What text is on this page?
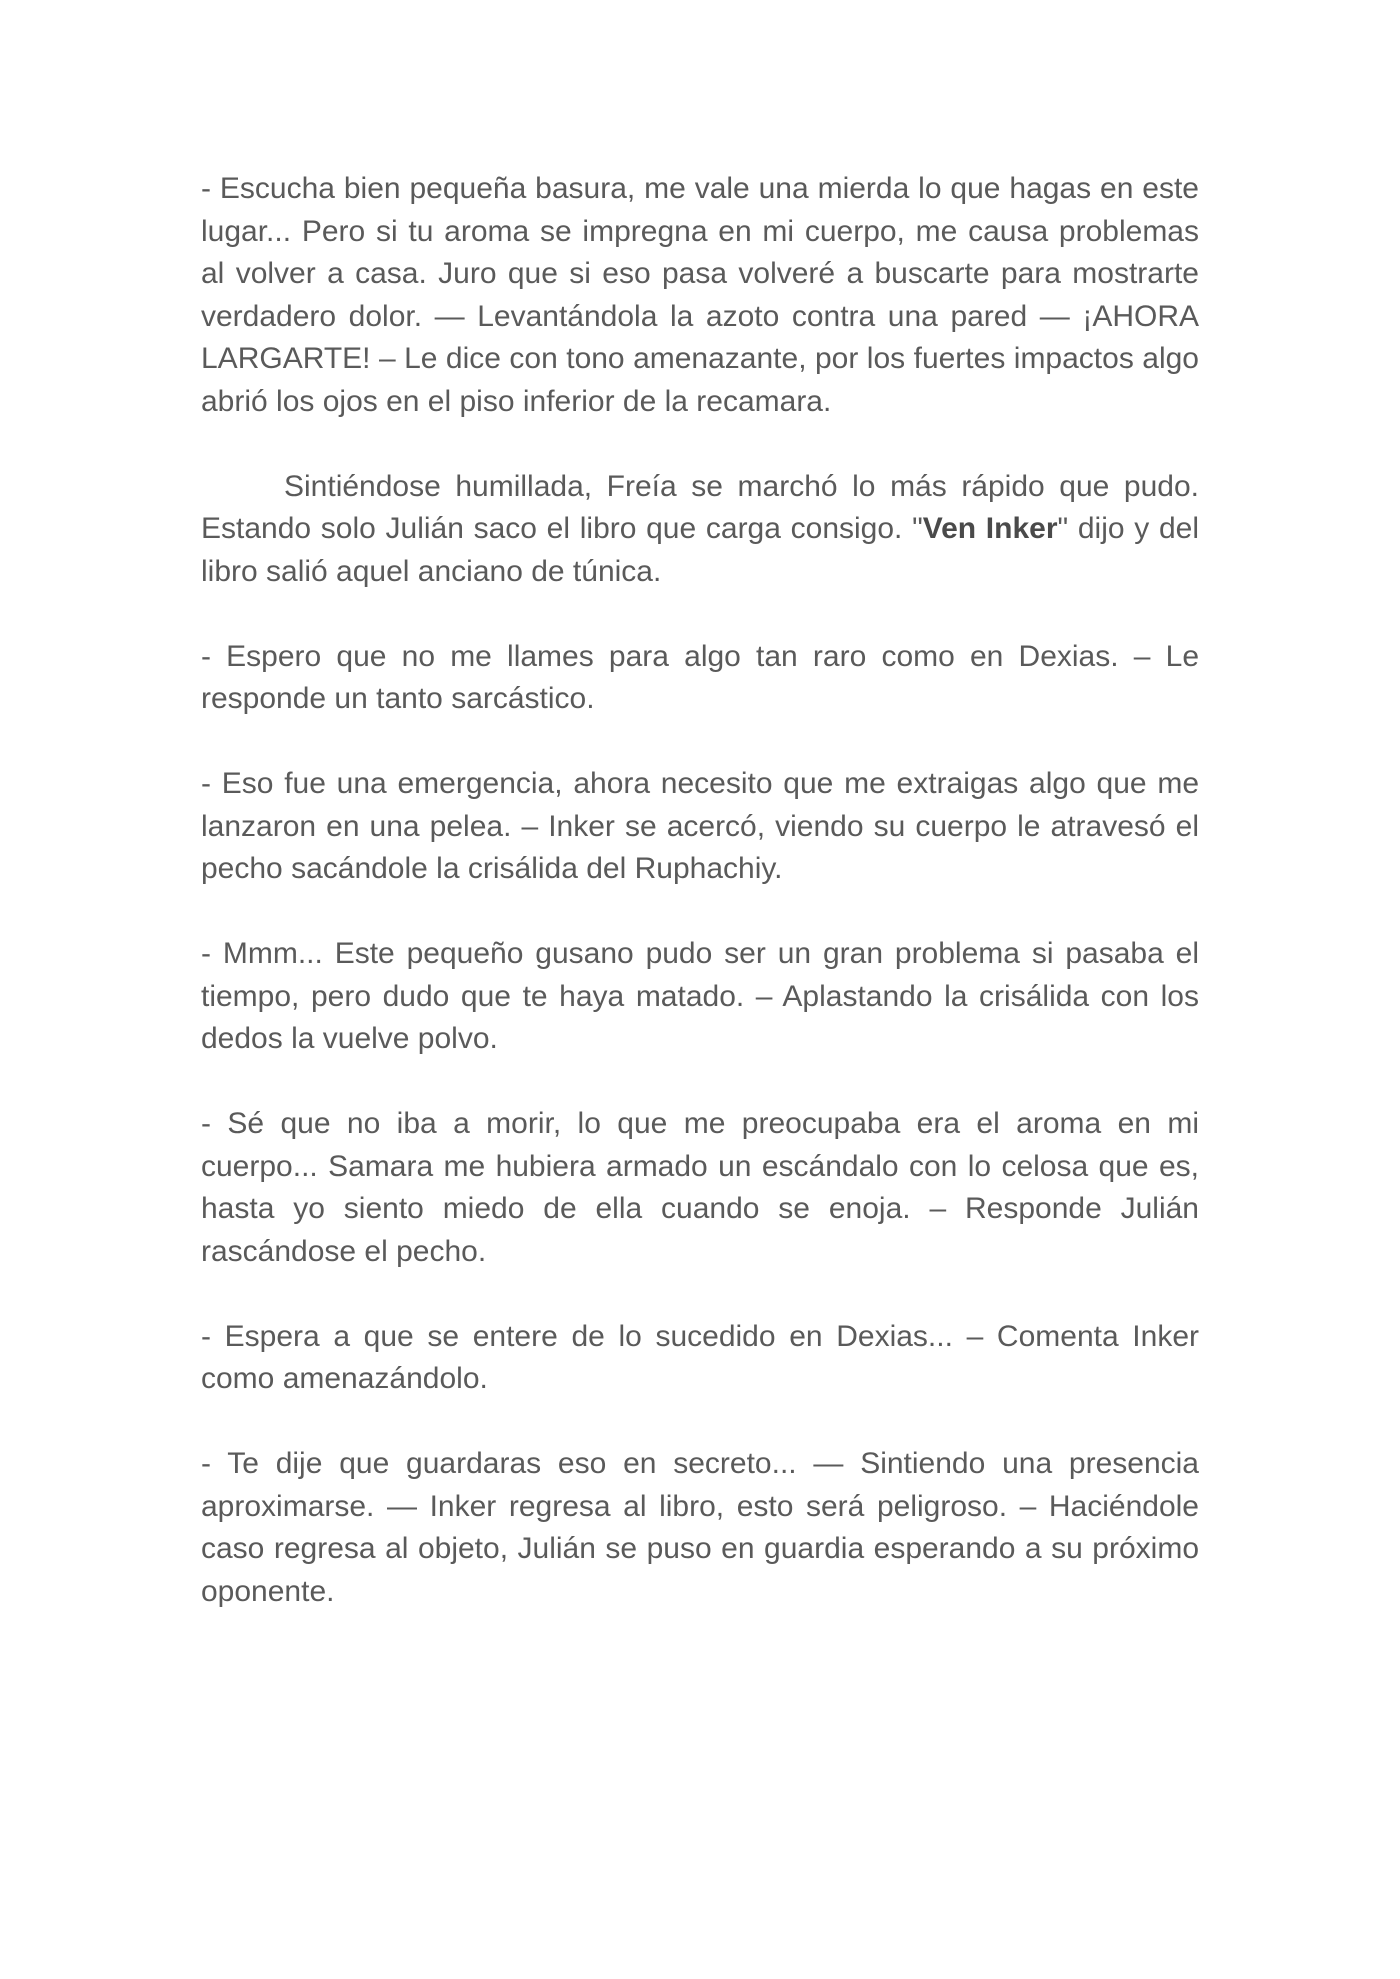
- Escucha bien pequeña basura, me vale una mierda lo que hagas en este lugar... Pero si tu aroma se impregna en mi cuerpo, me causa problemas al volver a casa. Juro que si eso pasa volveré a buscarte para mostrarte verdadero dolor. — Levantándola la azoto contra una pared — ¡AHORA LARGARTE! – Le dice con tono amenazante, por los fuertes impactos algo abrió los ojos en el piso inferior de la recamara.

Sintiéndose humillada, Freía se marchó lo más rápido que pudo. Estando solo Julián saco el libro que carga consigo. "Ven Inker" dijo y del libro salió aquel anciano de túnica.

- Espero que no me llames para algo tan raro como en Dexias. – Le responde un tanto sarcástico.

- Eso fue una emergencia, ahora necesito que me extraigas algo que me lanzaron en una pelea. – Inker se acercó, viendo su cuerpo le atravesó el pecho sacándole la crisálida del Ruphachiy.

- Mmm... Este pequeño gusano pudo ser un gran problema si pasaba el tiempo, pero dudo que te haya matado. – Aplastando la crisálida con los dedos la vuelve polvo.

- Sé que no iba a morir, lo que me preocupaba era el aroma en mi cuerpo... Samara me hubiera armado un escándalo con lo celosa que es, hasta yo siento miedo de ella cuando se enoja. – Responde Julián rascándose el pecho.

- Espera a que se entere de lo sucedido en Dexias... – Comenta Inker como amenazándolo.

- Te dije que guardaras eso en secreto... — Sintiendo una presencia aproximarse. — Inker regresa al libro, esto será peligroso. – Haciéndole caso regresa al objeto, Julián se puso en guardia esperando a su próximo oponente.
